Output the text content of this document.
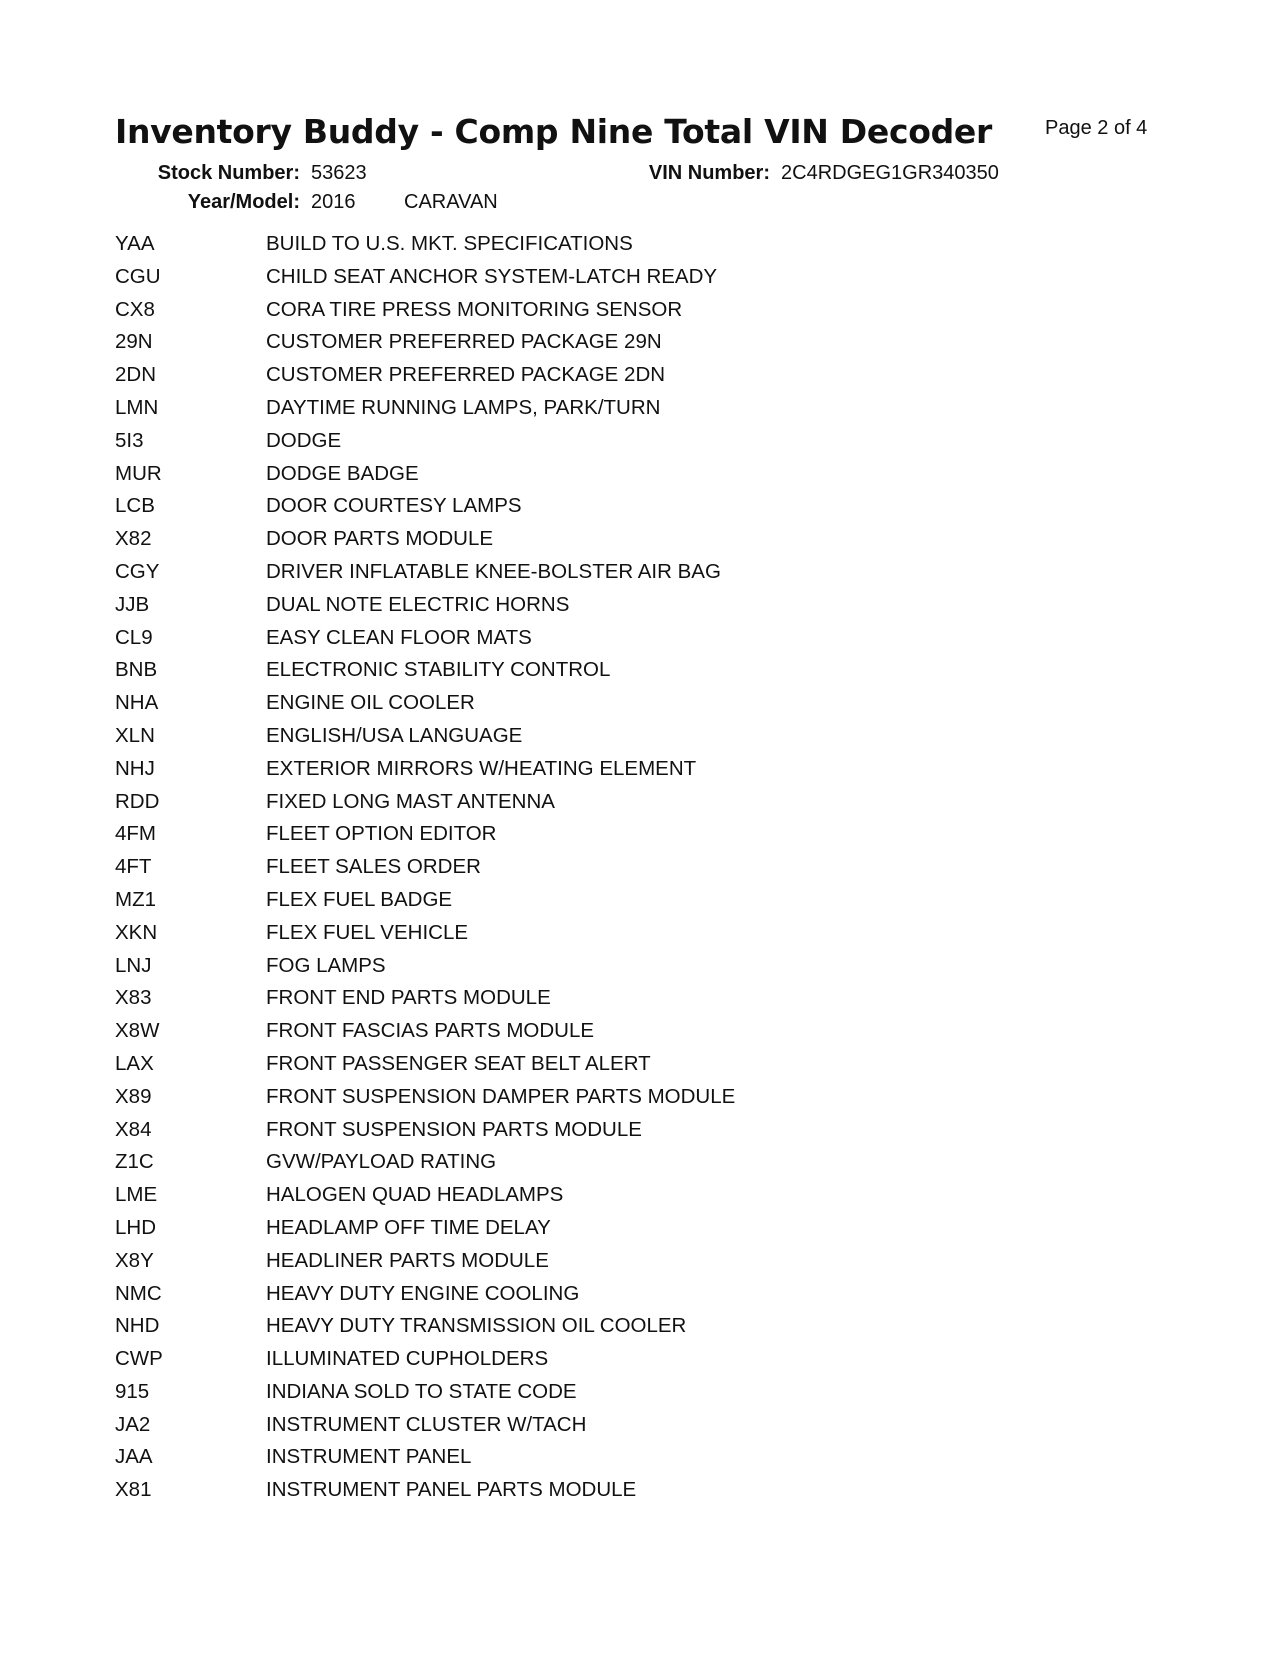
Inventory Buddy - Comp Nine Total VIN Decoder	Page 2 of 4
Stock Number: 53623	VIN Number: 2C4RDGEG1GR340350
Year/Model: 2016 CARAVAN
YAA	BUILD TO U.S. MKT. SPECIFICATIONS
CGU	CHILD SEAT ANCHOR SYSTEM-LATCH READY
CX8	CORA TIRE PRESS MONITORING SENSOR
29N	CUSTOMER PREFERRED PACKAGE 29N
2DN	CUSTOMER PREFERRED PACKAGE 2DN
LMN	DAYTIME RUNNING LAMPS, PARK/TURN
5I3	DODGE
MUR	DODGE BADGE
LCB	DOOR COURTESY LAMPS
X82	DOOR PARTS MODULE
CGY	DRIVER INFLATABLE KNEE-BOLSTER AIR BAG
JJB	DUAL NOTE ELECTRIC HORNS
CL9	EASY CLEAN FLOOR MATS
BNB	ELECTRONIC STABILITY CONTROL
NHA	ENGINE OIL COOLER
XLN	ENGLISH/USA LANGUAGE
NHJ	EXTERIOR MIRRORS W/HEATING ELEMENT
RDD	FIXED LONG MAST ANTENNA
4FM	FLEET OPTION EDITOR
4FT	FLEET SALES ORDER
MZ1	FLEX FUEL BADGE
XKN	FLEX FUEL VEHICLE
LNJ	FOG LAMPS
X83	FRONT END PARTS MODULE
X8W	FRONT FASCIAS PARTS MODULE
LAX	FRONT PASSENGER SEAT BELT ALERT
X89	FRONT SUSPENSION DAMPER PARTS MODULE
X84	FRONT SUSPENSION PARTS MODULE
Z1C	GVW/PAYLOAD RATING
LME	HALOGEN QUAD HEADLAMPS
LHD	HEADLAMP OFF TIME DELAY
X8Y	HEADLINER PARTS MODULE
NMC	HEAVY DUTY ENGINE COOLING
NHD	HEAVY DUTY TRANSMISSION OIL COOLER
CWP	ILLUMINATED CUPHOLDERS
915	INDIANA SOLD TO STATE CODE
JA2	INSTRUMENT CLUSTER W/TACH
JAA	INSTRUMENT PANEL
X81	INSTRUMENT PANEL PARTS MODULE
